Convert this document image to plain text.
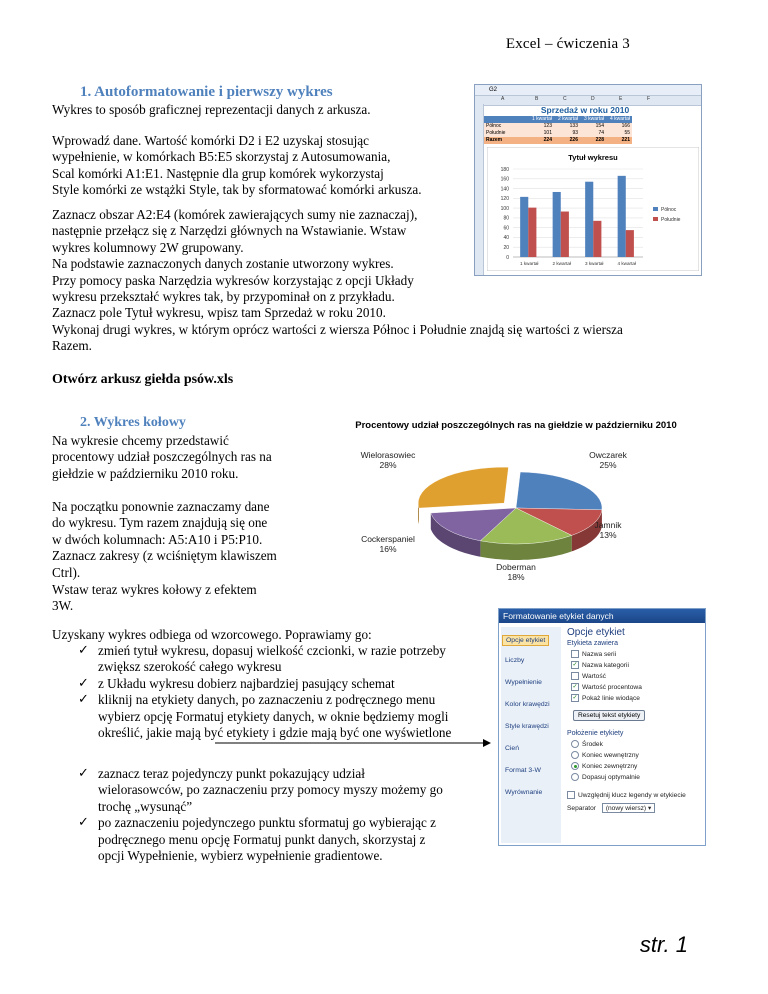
Excel – ćwiczenia 3
1. Autoformatowanie i pierwszy wykres
Wykres to sposób graficznej reprezentacji danych z arkusza.
Wprowadź dane. Wartość komórki D2 i E2 uzyskaj stosując
wypełnienie, w komórkach B5:E5 skorzystaj z Autosumowania,
Scal komórki A1:E1. Następnie dla grup komórek wykorzystaj
Style komórki ze wstążki Style, tak by sformatować komórki arkusza.
Zaznacz obszar A2:E4 (komórek zawierających sumy nie zaznaczaj),
następnie przełącz się z Narzędzi głównych na Wstawianie. Wstaw
wykres kolumnowy 2W grupowany.
Na podstawie zaznaczonych danych zostanie utworzony wykres.
Przy pomocy paska Narzędzia wykresów korzystając z opcji Układy
wykresu przekształć wykres tak, by przypominał on z przykładu.
Zaznacz pole Tytuł wykresu, wpisz tam Sprzedaż w roku 2010.
Wykonaj drugi wykres, w którym oprócz wartości z wiersza Północ i Południe znajdą się wartości z wiersza
Razem.
G2
A	B	C	D	E	F
Sprzedaż w roku 2010
	1 kwartał	2 kwartał	3 kwartał	4 kwartał
Północ	123	133	154	166
Południe	101	93	74	55
Razem	224	226	228	221
Tytuł wykresu
0
20
40
60
80
100
120
140
160
180
1 kwartał	2 kwartał	3 kwartał	4 kwartał
Północ
Południe
Otwórz arkusz giełda psów.xls
2. Wykres kołowy
Na wykresie chcemy przedstawić
procentowy udział poszczególnych ras na
giełdzie w październiku 2010 roku.
Na początku ponownie zaznaczamy dane
do wykresu. Tym razem znajdują się one
w dwóch kolumnach: A5:A10 i P5:P10.
Zaznacz zakresy (z wciśniętym klawiszem
Ctrl).
Wstaw teraz wykres kołowy z efektem
3W.
Procentowy udział poszczególnych ras na giełdzie w październiku 2010
Owczarek
25%
Jamnik
13%
Doberman
18%
Cockerspaniel
16%
Wielorasowiec
28%
Uzyskany wykres odbiega od wzorcowego. Poprawiamy go:
✓ zmień tytuł wykresu, dopasuj wielkość czcionki, w razie potrzeby
zwiększ szerokość całego wykresu
✓ z Układu wykresu dobierz najbardziej pasujący schemat
✓ kliknij na etykiety danych, po zaznaczeniu z podręcznego menu
wybierz opcję Formatuj etykiety danych, w oknie będziemy mogli
określić, jakie mają być etykiety i gdzie mają być one wyświetlone
✓ zaznacz teraz pojedynczy punkt pokazujący udział
wielorasowców, po zaznaczeniu przy pomocy myszy możemy go
trochę „wysunąć”
✓ po zaznaczeniu pojedynczego punktu sformatuj go wybierając z
podręcznego menu opcję Formatuj punkt danych, skorzystaj z
opcji Wypełnienie, wybierz wypełnienie gradientowe.
Formatowanie etykiet danych
Opcje etykiet
Liczby
Wypełnienie
Kolor krawędzi
Style krawędzi
Cień
Format 3-W
Wyrównanie
Opcje etykiet
Etykieta zawiera
Nazwa serii
✓ Nazwa kategorii
Wartość
✓ Wartość procentowa
✓ Pokaż linie wiodące
Resetuj tekst etykiety
Położenie etykiety
Środek
Koniec wewnętrzny
Koniec zewnętrzny
Dopasuj optymalnie
Uwzględnij klucz legendy w etykiecie
Separator (nowy wiersz) ▾
str. 1
